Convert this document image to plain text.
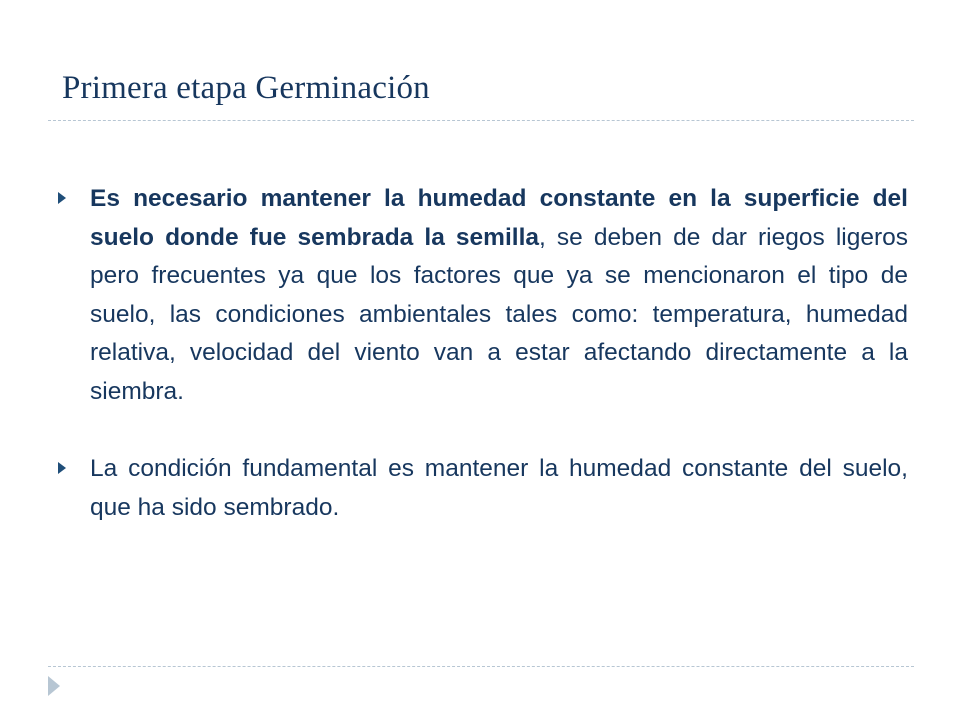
Primera etapa Germinación
Es necesario mantener la humedad constante en la superficie del suelo donde fue sembrada la semilla, se deben de dar riegos ligeros pero frecuentes ya que los factores que ya se mencionaron el tipo de suelo, las condiciones ambientales tales como: temperatura, humedad relativa, velocidad del viento van a estar afectando directamente a la siembra.
La condición fundamental es mantener la humedad constante del suelo, que ha sido sembrado.
